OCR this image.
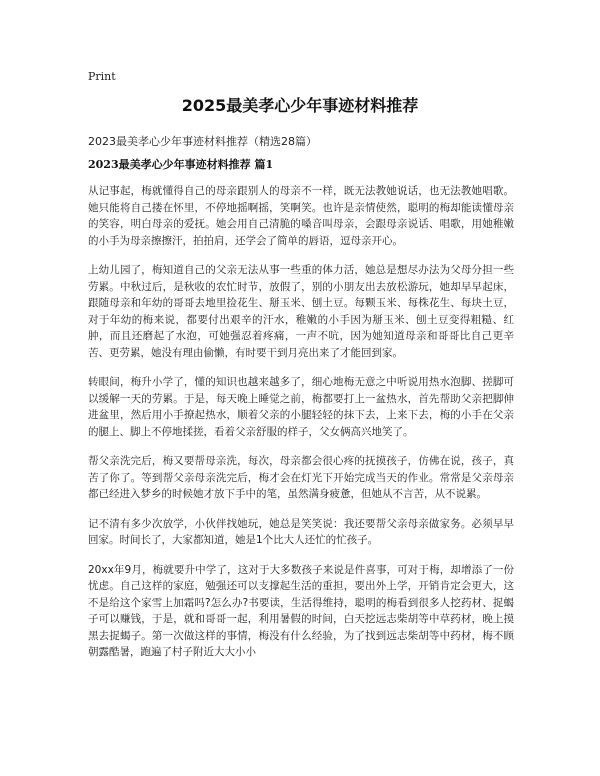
Print
2025最美孝心少年事迹材料推荐

2023最美孝心少年事迹材料推荐（精选28篇）

2023最美孝心少年事迹材料推荐 篇1

从记事起，梅就懂得自己的母亲跟别人的母亲不一样，既无法教她说话，也无法教她唱歌。她只能将自己搂在怀里，不停地摇啊摇，笑啊笑。也许是亲情使然，聪明的梅却能读懂母亲的笑容，明白母亲的爱抚。她会用自己清脆的嗓音叫母亲，会跟母亲说话、唱歌，用她稚嫩的小手为母亲擦擦汗，拍拍肩，还学会了简单的唇语，逗母亲开心。

上幼儿园了，梅知道自己的父亲无法从事一些重的体力活，她总是想尽办法为父母分担一些劳累。中秋过后，是秋收的农忙时节，放假了，别的小朋友出去放松游玩，她却早早起床，跟随母亲和年幼的哥哥去地里捡花生、掰玉米、刨土豆。每颗玉米、每株花生、每块土豆，对于年幼的梅来说，都要付出艰辛的汗水，稚嫩的小手因为掰玉米、刨土豆变得粗糙、红肿，而且还磨起了水泡，可她强忍着疼痛，一声不吭，因为她知道母亲和哥哥比自己更辛苦、更劳累，她没有理由偷懒，有时要干到月亮出来了才能回到家。

转眼间，梅升小学了，懂的知识也越来越多了，细心地梅无意之中听说用热水泡脚、搓脚可以缓解一天的劳累。于是，每天晚上睡觉之前，梅都要打上一盆热水，首先帮助父亲把脚伸进盆里，然后用小手撩起热水，顺着父亲的小腿轻轻的抹下去，上来下去，梅的小手在父亲的腿上、脚上不停地揉搓，看着父亲舒服的样子，父女俩高兴地笑了。

帮父亲洗完后，梅又要帮母亲洗，每次，母亲都会很心疼的抚摸孩子，仿佛在说，孩子，真苦了你了。等到帮父亲母亲洗完后，梅才会在灯光下开始完成当天的作业。常常是父亲母亲都已经进入梦乡的时候她才放下手中的笔，虽然满身疲惫，但她从不言苦，从不说累。

记不清有多少次放学，小伙伴找她玩，她总是笑笑说：我还要帮父亲母亲做家务。必须早早回家。时间长了，大家都知道，她是1个比大人还忙的忙孩子。

20xx年9月，梅就要升中学了，这对于大多数孩子来说是件喜事，可对于梅，却增添了一份忧虑。自己这样的家庭，勉强还可以支撑起生活的重担，要出外上学，开销肯定会更大，这不是给这个家雪上加霜吗?怎么办?书要读，生活得维持，聪明的梅看到很多人挖药材、捉蝎子可以赚钱，于是，就和哥哥一起，利用暑假的时间，白天挖远志柴胡等中草药材，晚上摸黑去捉蝎子。第一次做这样的事情，梅没有什么经验，为了找到远志柴胡等中药材，梅不顾朝露酷暑，跑遍了村子附近大大小小
